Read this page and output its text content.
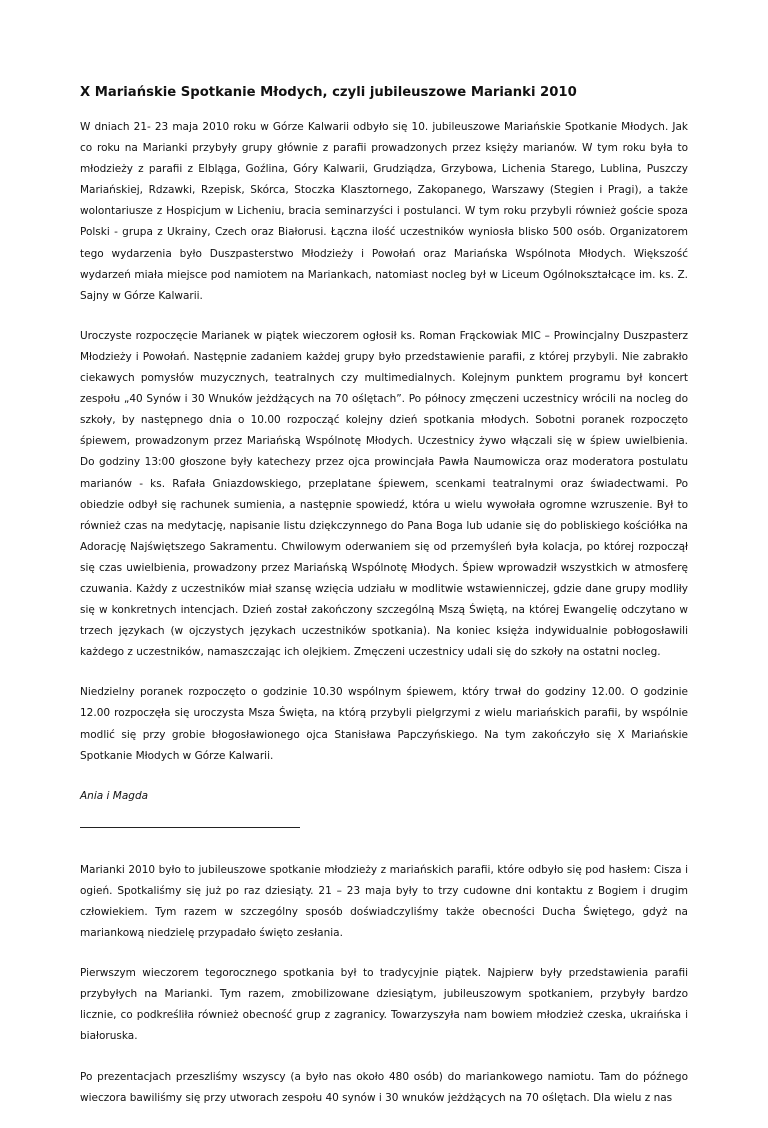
X Mariańskie Spotkanie Młodych, czyli jubileuszowe Marianki 2010

W dniach 21- 23 maja 2010 roku w Górze Kalwarii odbyło się 10. jubileuszowe Mariańskie Spotkanie Młodych. Jak co roku na Marianki przybyły grupy głównie z parafii prowadzonych przez księży marianów. W tym roku była to młodzieży z parafii z Elbląga, Goźlina, Góry Kalwarii, Grudziądza, Grzybowa, Lichenia Starego, Lublina, Puszczy Mariańskiej, Rdzawki, Rzepisk, Skórca, Stoczka Klasztornego, Zakopanego, Warszawy (Stegien i Pragi), a także wolontariusze z Hospicjum w Licheniu, bracia seminarzyści i postulanci. W tym roku przybyli również goście spoza Polski - grupa z Ukrainy, Czech oraz Białorusi. Łączna ilość uczestników wyniosła blisko 500 osób. Organizatorem tego wydarzenia było Duszpasterstwo Młodzieży i Powołań oraz Mariańska Wspólnota Młodych. Większość wydarzeń miała miejsce pod namiotem na Mariankach, natomiast nocleg był w Liceum Ogólnokształcące im. ks. Z. Sajny w Górze Kalwarii.

Uroczyste rozpoczęcie Marianek w piątek wieczorem ogłosił ks. Roman Frąckowiak MIC – Prowincjalny Duszpasterz Młodzieży i Powołań. Następnie zadaniem każdej grupy było przedstawienie parafii, z której przybyli. Nie zabrakło ciekawych pomysłów muzycznych, teatralnych czy multimedialnych. Kolejnym punktem programu był koncert zespołu „40 Synów i 30 Wnuków jeżdżących na 70 oślętach”. Po północy zmęczeni uczestnicy wrócili na nocleg do szkoły, by następnego dnia o 10.00 rozpocząć kolejny dzień spotkania młodych. Sobotni poranek rozpoczęto śpiewem, prowadzonym przez Mariańską Wspólnotę Młodych. Uczestnicy żywo włączali się w śpiew uwielbienia. Do godziny 13:00 głoszone były katechezy przez ojca prowincjała Pawła Naumowicza oraz moderatora postulatu marianów - ks. Rafała Gniazdowskiego, przeplatane śpiewem, scenkami teatralnymi oraz świadectwami. Po obiedzie odbył się rachunek sumienia, a następnie spowiedź, która u wielu wywołała ogromne wzruszenie. Był to również czas na medytację, napisanie listu dziękczynnego do Pana Boga lub udanie się do pobliskiego kościółka na Adorację Najświętszego Sakramentu. Chwilowym oderwaniem się od przemyśleń była kolacja, po której rozpoczął się czas uwielbienia, prowadzony przez Mariańską Wspólnotę Młodych. Śpiew wprowadził wszystkich w atmosferę czuwania. Każdy z uczestników miał szansę wzięcia udziału w modlitwie wstawienniczej, gdzie dane grupy modliły się w konkretnych intencjach. Dzień został zakończony szczególną Mszą Świętą, na której Ewangelię odczytano w trzech językach (w ojczystych językach uczestników spotkania). Na koniec księża indywidualnie pobłogosławili każdego z uczestników, namaszczając ich olejkiem. Zmęczeni uczestnicy udali się do szkoły na ostatni nocleg.

Niedzielny poranek rozpoczęto o godzinie 10.30 wspólnym śpiewem, który trwał do godziny 12.00. O godzinie 12.00 rozpoczęła się uroczysta Msza Święta, na którą przybyli pielgrzymi z wielu mariańskich parafii, by wspólnie modlić się przy grobie błogosławionego ojca Stanisława Papczyńskiego. Na tym zakończyło się X Mariańskie Spotkanie Młodych w Górze Kalwarii.

Ania i Magda

Marianki 2010 było to jubileuszowe spotkanie młodzieży z mariańskich parafii, które odbyło się pod hasłem: Cisza i ogień. Spotkaliśmy się już po raz dziesiąty. 21 – 23 maja były to trzy cudowne dni kontaktu z Bogiem i drugim człowiekiem. Tym razem w szczególny sposób doświadczyliśmy także obecności Ducha Świętego, gdyż na mariankową niedzielę przypadało święto zesłania.

Pierwszym wieczorem tegorocznego spotkania był to tradycyjnie piątek. Najpierw były przedstawienia parafii przybyłych na Marianki. Tym razem, zmobilizowane dziesiątym, jubileuszowym spotkaniem, przybyły bardzo licznie, co podkreśliła również obecność grup z zagranicy. Towarzyszyła nam bowiem młodzież czeska, ukraińska i białoruska.

Po prezentacjach przeszliśmy wszyscy (a było nas około 480 osób) do mariankowego namiotu. Tam do późnego wieczora bawiliśmy się przy utworach zespołu 40 synów i 30 wnuków jeżdżących na 70 oślętach. Dla wielu z nas
